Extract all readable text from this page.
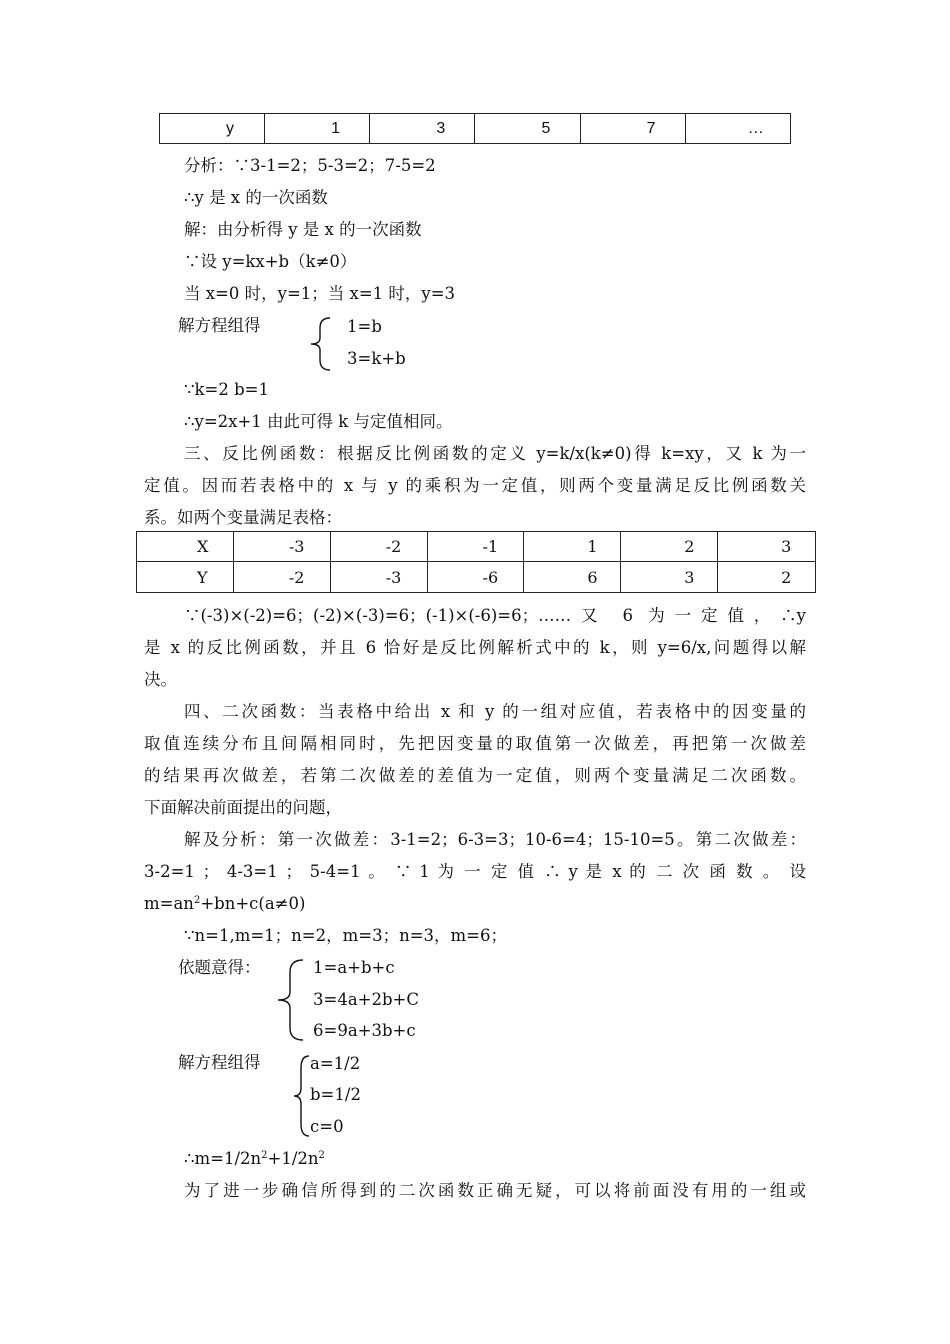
y	1	3	5	7	…
分析：∵3-1=2；5-3=2；7-5=2
∴y 是 x 的一次函数
解：由分析得 y 是 x 的一次函数
∵设 y=kx+b（k≠0）
当 x=0 时，y=1；当 x=1 时，y=3
解方程组得	1=b
3=k+b
∵k=2 b=1
∴y=2x+1 由此可得 k 与定值相同。
三、反比例函数：根据反比例函数的定义 y=k/x(k≠0)得 k=xy，又 k 为一
定值。因而若表格中的 x 与 y 的乘积为一定值，则两个变量满足反比例函数关
系。如两个变量满足表格：
X	-3	-2	-1	1	2	3
Y	-2	-3	-6	6	3	2
∵(-3)×(-2)=6；(-2)×(-3)=6；(-1)×(-6)=6；……又 6 为一定值，∴y
是 x 的反比例函数，并且 6 恰好是反比例解析式中的 k，则 y=6/x,问题得以解
决。
四、二次函数：当表格中给出 x 和 y 的一组对应值，若表格中的因变量的
取值连续分布且间隔相同时，先把因变量的取值第一次做差，再把第一次做差
的结果再次做差，若第二次做差的差值为一定值，则两个变量满足二次函数。
下面解决前面提出的问题，
解及分析：第一次做差：3-1=2；6-3=3；10-6=4；15-10=5。第二次做差：
3-2=1 ； 4-3=1 ； 5-4=1 。 ∵ 1 为 一 定 值 ∴ y 是 x 的 二 次 函 数 。 设
$m=an^2+bn+c(a\ne 0)$
∵n=1,m=1；n=2，m=3；n=3，m=6；
依题意得：	1=a+b+c
3=4a+2b+C
6=9a+3b+c
解方程组得	a=1/2
b=1/2
c=0
$\therefore m=1/2n^2+1/2n^2$
为了进一步确信所得到的二次函数正确无疑，可以将前面没有用的一组或
